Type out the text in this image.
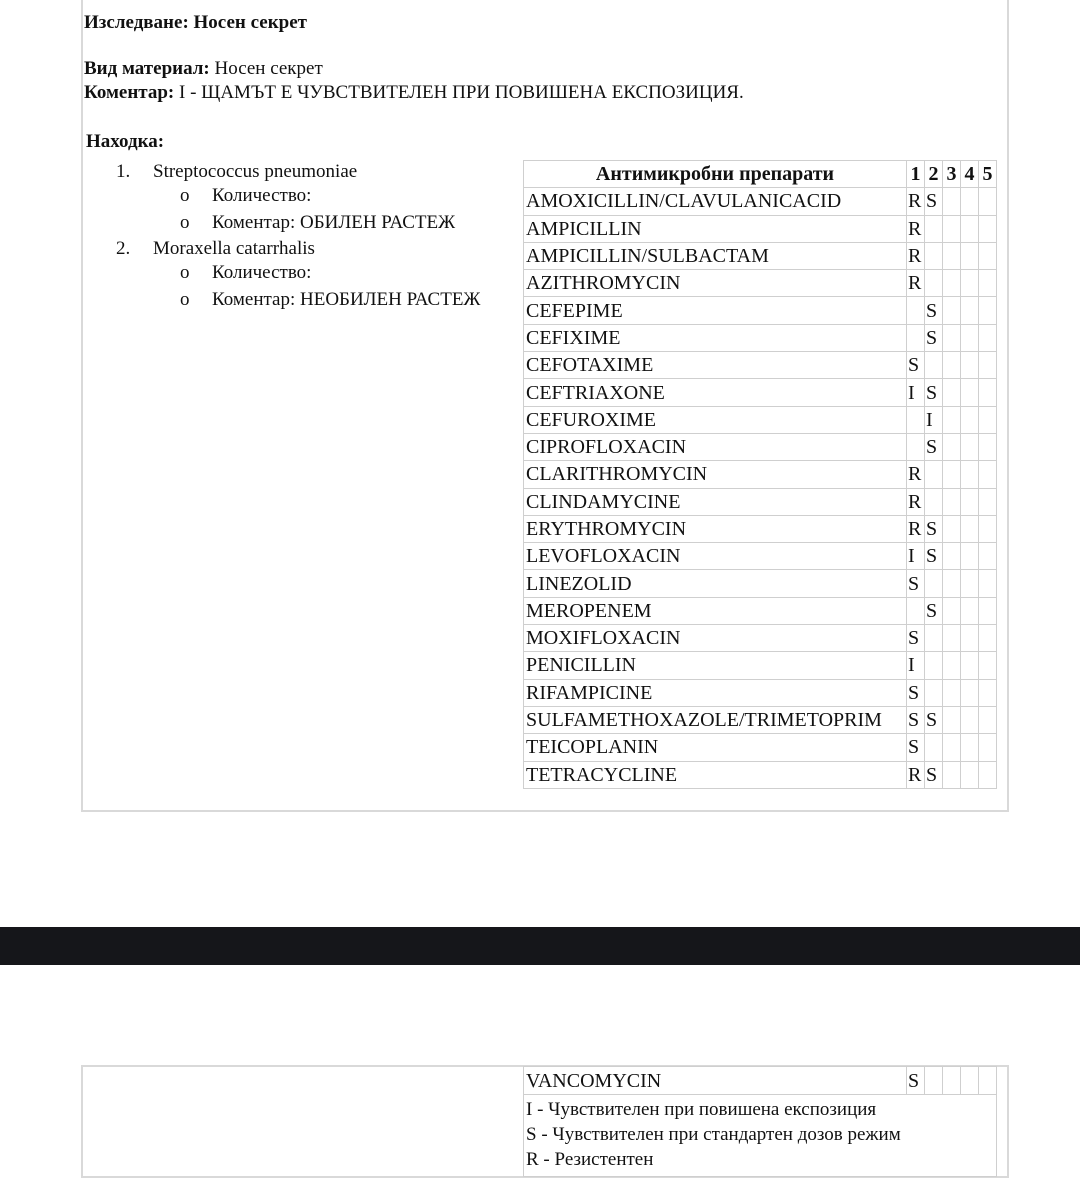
Изследване: Носен секрет
Вид материал: Носен секрет
Коментар: I - ЩАМЪТ Е ЧУВСТВИТЕЛЕН ПРИ ПОВИШЕНА ЕКСПОЗИЦИЯ.
Находка:
1. Streptococcus pneumoniae
o Количество:
o Коментар: ОБИЛЕН РАСТЕЖ
2. Moraxella catarrhalis
o Количество:
o Коментар: НЕОБИЛЕН РАСТЕЖ
Антимикробни препарати	1	2	3	4	5
AMOXICILLIN/CLAVULANICACID	R	S			
AMPICILLIN	R				
AMPICILLIN/SULBACTAM	R				
AZITHROMYCIN	R				
CEFEPIME		S			
CEFIXIME		S			
CEFOTAXIME	S				
CEFTRIAXONE	I	S			
CEFUROXIME		I			
CIPROFLOXACIN		S			
CLARITHROMYCIN	R				
CLINDAMYCINE	R				
ERYTHROMYCIN	R	S			
LEVOFLOXACIN	I	S			
LINEZOLID	S				
MEROPENEM		S			
MOXIFLOXACIN	S				
PENICILLIN	I				
RIFAMPICINE	S				
SULFAMETHOXAZOLE/TRIMETOPRIM	S	S			
TEICOPLANIN	S				
TETRACYCLINE	R	S			
VANCOMYCIN	S				

I - Чувствителен при повишена експозиция
S - Чувствителен при стандартен дозов режим
R - Резистентен
